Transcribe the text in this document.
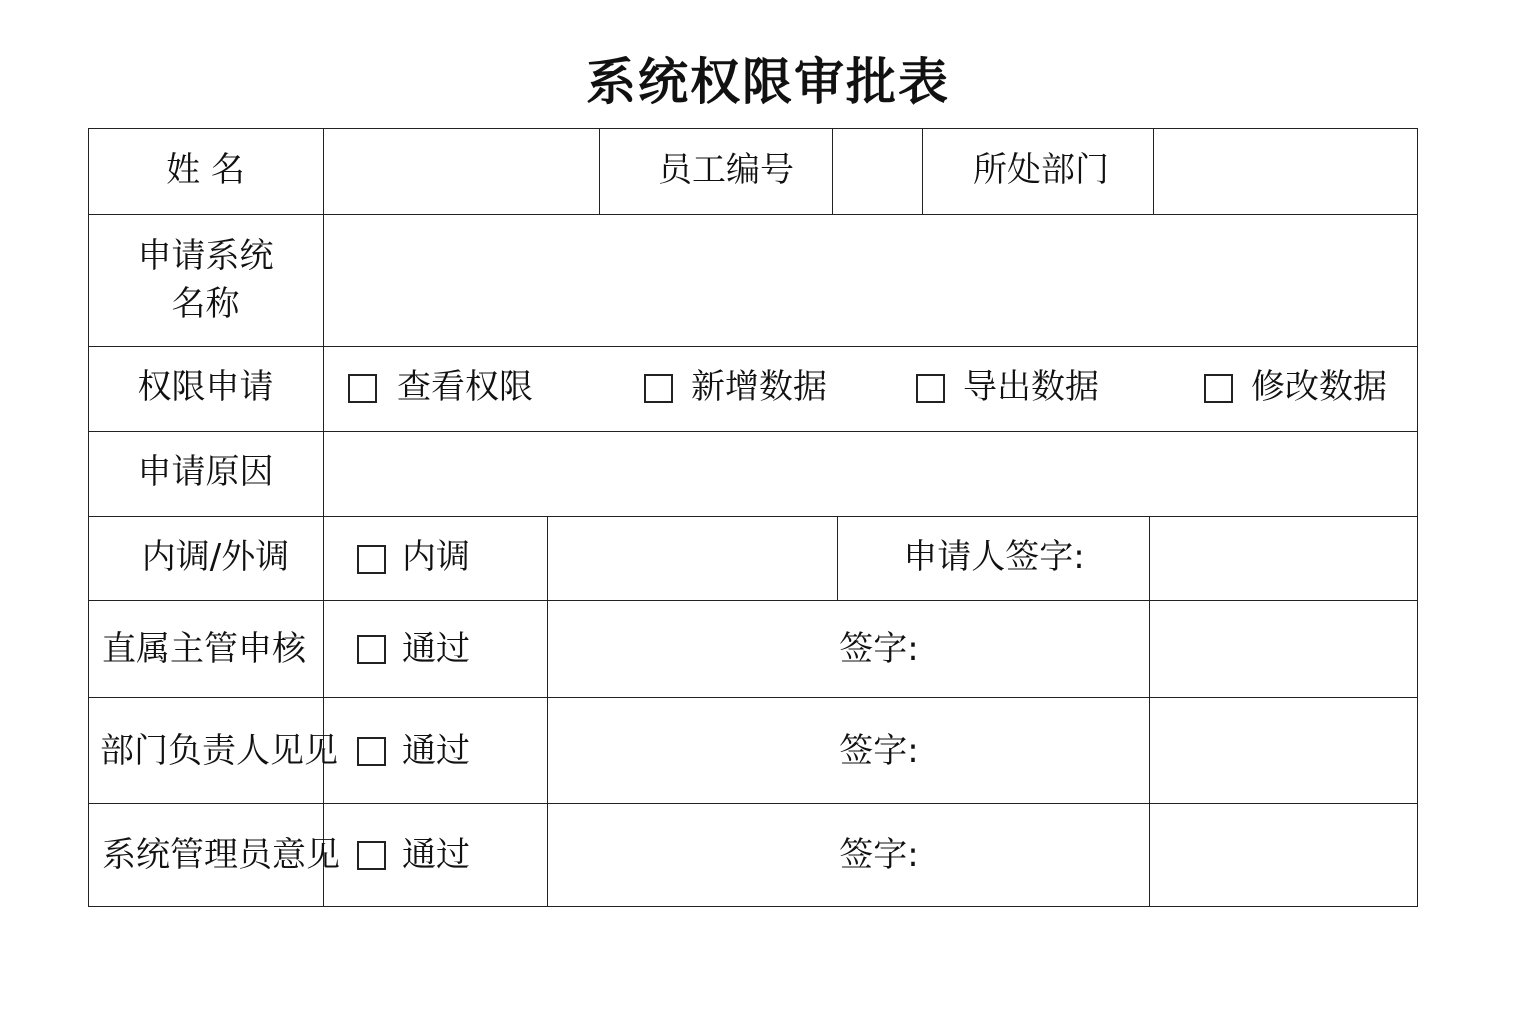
系统权限审批表
姓 名	员工编号	所处部门
申请系统
名称
权限申请	查看权限	新增数据	导出数据	修改数据
申请原因
内调/外调	内调	申请人签字:
直属主管申核	通过	签字:
部门负责人见见 通过	签字:
系统管理员意见 通过	签字:
